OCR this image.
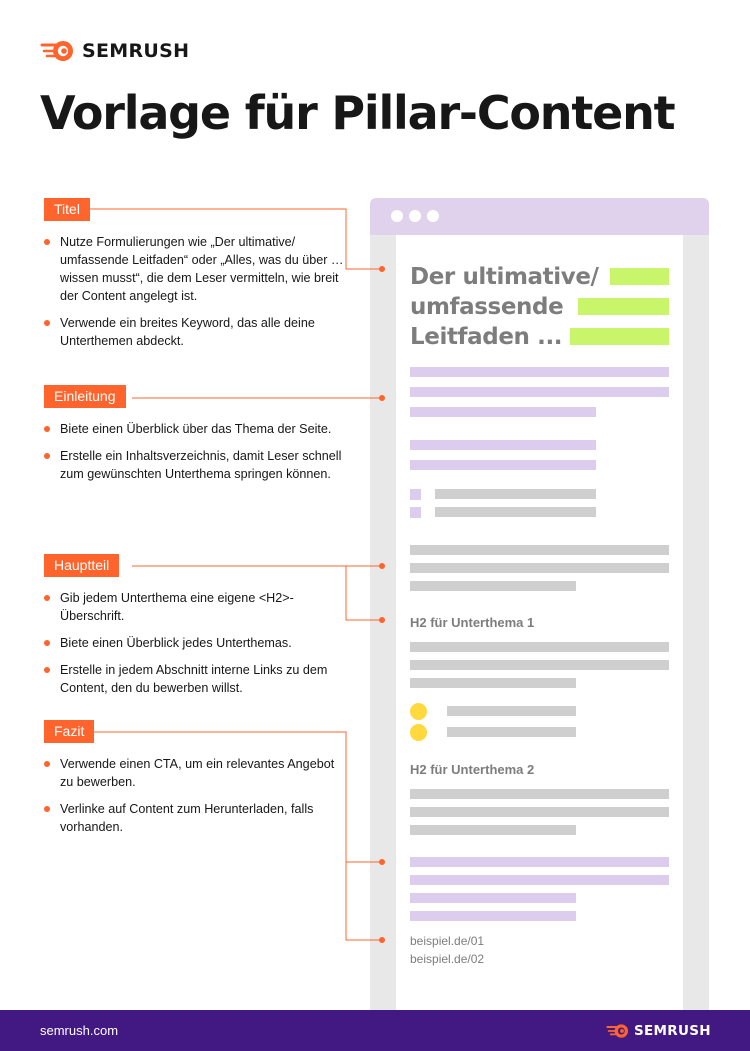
SEMRUSH
Vorlage für Pillar-Content
Titel
Nutze Formulierungen wie „Der ultimative/ umfassende Leitfaden“ oder „Alles, was du über … wissen musst“, die dem Leser vermitteln, wie breit der Content angelegt ist.
Verwende ein breites Keyword, das alle deine Unterthemen abdeckt.
Einleitung
Biete einen Überblick über das Thema der Seite.
Erstelle ein Inhaltsverzeichnis, damit Leser schnell zum gewünschten Unterthema springen können.
Hauptteil
Gib jedem Unterthema eine eigene <H2>-Überschrift.
Biete einen Überblick jedes Unterthemas.
Erstelle in jedem Abschnitt interne Links zu dem Content, den du bewerben willst.
Fazit
Verwende einen CTA, um ein relevantes Angebot zu bewerben.
Verlinke auf Content zum Herunterladen, falls vorhanden.
Der ultimative/
umfassende
Leitfaden ...
H2 für Unterthema 1
H2 für Unterthema 2
beispiel.de/01
beispiel.de/02
semrush.com	SEMRUSH
